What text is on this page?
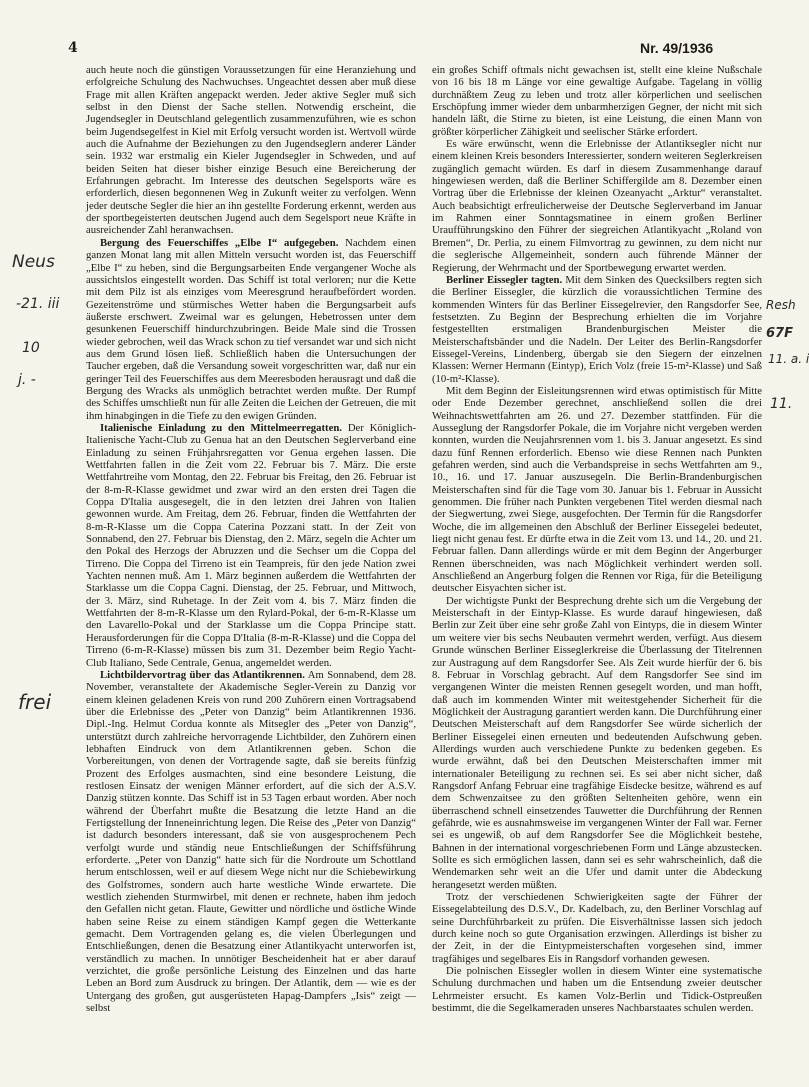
4	Nr. 49/1936

auch heute noch die günstigen Voraussetzungen für eine Heranziehung und erfolgreiche Schulung des Nachwuchses. Ungeachtet dessen aber muß diese Frage mit allen Kräften angepackt werden. Jeder aktive Segler muß sich selbst in den Dienst der Sache stellen. Notwendig erscheint, die Jugendsegler in Deutschland gelegentlich zusammenzuführen, wie es schon beim Jugendsegelfest in Kiel mit Erfolg versucht worden ist. Wertvoll würde auch die Aufnahme der Beziehungen zu den Jugendseglern anderer Länder sein. 1932 war erstmalig ein Kieler Jugendsegler in Schweden, und auf beiden Seiten hat dieser bisher einzige Besuch eine Bereicherung der Erfahrungen gebracht. Im Interesse des deutschen Segelsports wäre es erforderlich, diesen begonnenen Weg in Zukunft weiter zu verfolgen. Wenn jeder deutsche Segler die hier an ihn gestellte Forderung erkennt, werden aus der sportbegeisterten deutschen Jugend auch dem Segelsport neue Kräfte in ausreichender Zahl heranwachsen.

Bergung des Feuerschiffes „Elbe I“ aufgegeben. Nachdem einen ganzen Monat lang mit allen Mitteln versucht worden ist, das Feuerschiff „Elbe I“ zu heben, sind die Bergungsarbeiten Ende vergangener Woche als aussichtslos eingestellt worden. Das Schiff ist total verloren; nur die Kette mit dem Pilz ist als einziges vom Meeresgrund heraufbefördert worden. Gezeitenströme und stürmisches Wetter haben die Bergungsarbeit aufs äußerste erschwert. Zweimal war es gelungen, Hebetrossen unter dem gesunkenen Feuerschiff hindurchzubringen. Beide Male sind die Trossen wieder gebrochen, weil das Wrack schon zu tief versandet war und sich nicht aus dem Grund lösen ließ. Schließlich haben die Untersuchungen der Taucher ergeben, daß die Versandung soweit vorgeschritten war, daß nur ein geringer Teil des Feuerschiffes aus dem Meeresboden herausragt und daß die Bergung des Wracks als unmöglich betrachtet werden mußte. Der Rumpf des Schiffes umschließt nun für alle Zeiten die Leichen der Getreuen, die mit ihm hinabgingen in die Tiefe zu den ewigen Gründen.

Italienische Einladung zu den Mittelmeerregatten. Der Königlich-Italienische Yacht-Club zu Genua hat an den Deutschen Seglerverband eine Einladung zu seinen Frühjahrsregatten vor Genua ergehen lassen. Die Wettfahrten fallen in die Zeit vom 22. Februar bis 7. März. Die erste Wettfahrtreihe vom Montag, den 22. Februar bis Freitag, den 26. Februar ist der 8-m-R-Klasse gewidmet und zwar wird an den ersten drei Tagen die Coppa D'Italia ausgesegelt, die in den letzten drei Jahren von Italien gewonnen wurde. Am Freitag, dem 26. Februar, finden die Wettfahrten der 8-m-R-Klasse um die Coppa Caterina Pozzani statt. In der Zeit von Sonnabend, den 27. Februar bis Dienstag, den 2. März, segeln die Achter um den Pokal des Herzogs der Abruzzen und die Sechser um die Coppa del Tirreno. Die Coppa del Tirreno ist ein Teampreis, für den jede Nation zwei Yachten nennen muß. Am 1. März beginnen außerdem die Wettfahrten der Starklasse um die Coppa Cagni. Dienstag, der 25. Februar, und Mittwoch, der 3. März, sind Ruhetage. In der Zeit vom 4. bis 7. März finden die Wettfahrten der 8-m-R-Klasse um den Rylard-Pokal, der 6-m-R-Klasse um den Lavarello-Pokal und der Starklasse um die Coppa Principe statt. Herausforderungen für die Coppa D'Italia (8-m-R-Klasse) und die Coppa del Tirreno (6-m-R-Klasse) müssen bis zum 31. Dezember beim Regio Yacht-Club Italiano, Sede Centrale, Genua, angemeldet werden.

Lichtbildervortrag über das Atlantikrennen. Am Sonnabend, dem 28. November, veranstaltete der Akademische Segler-Verein zu Danzig vor einem kleinen geladenen Kreis von rund 200 Zuhörern einen Vortragsabend über die Erlebnisse des „Peter von Danzig“ beim Atlantikrennen 1936. Dipl.-Ing. Helmut Cordua konnte als Mitsegler des „Peter von Danzig“, unterstützt durch zahlreiche hervorragende Lichtbilder, den Zuhörern einen lebhaften Eindruck von dem Atlantikrennen geben. Schon die Vorbereitungen, von denen der Vortragende sagte, daß sie bereits fünfzig Prozent des Erfolges ausmachten, sind eine besondere Leistung, die restlosen Einsatz der wenigen Männer erfordert, auf die sich der A.S.V. Danzig stützen konnte. Das Schiff ist in 53 Tagen erbaut worden. Aber noch während der Überfahrt mußte die Besatzung die letzte Hand an die Fertigstellung der Inneneinrichtung legen. Die Reise des „Peter von Danzig“ ist dadurch besonders interessant, daß sie von ausgesprochenem Pech verfolgt wurde und ständig neue Entschließungen der Schiffsführung erforderte. „Peter von Danzig“ hatte sich für die Nordroute um Schottland herum entschlossen, weil er auf diesem Wege nicht nur die Schiebewirkung des Golfstromes, sondern auch harte westliche Winde erwartete. Die westlich ziehenden Sturmwirbel, mit denen er rechnete, haben ihm jedoch den Gefallen nicht getan. Flaute, Gewitter und nördliche und östliche Winde haben seine Reise zu einem ständigen Kampf gegen die Wetterkante gemacht. Dem Vortragenden gelang es, die vielen Überlegungen und Entschließungen, denen die Besatzung einer Atlantikyacht unterworfen ist, verständlich zu machen. In unnötiger Bescheidenheit hat er aber darauf verzichtet, die große persönliche Leistung des Einzelnen und das harte Leben an Bord zum Ausdruck zu bringen. Der Atlantik, dem — wie es der Untergang des großen, gut ausgerüsteten Hapag-Dampfers „Isis“ zeigt — selbst

ein großes Schiff oftmals nicht gewachsen ist, stellt eine kleine Nußschale von 16 bis 18 m Länge vor eine gewaltige Aufgabe. Tagelang in völlig durchnäßtem Zeug zu leben und trotz aller körperlichen und seelischen Erschöpfung immer wieder dem unbarmherzigen Gegner, der nicht mit sich handeln läßt, die Stirne zu bieten, ist eine Leistung, die einen Mann von größter körperlicher Zähigkeit und seelischer Stärke erfordert.

Es wäre erwünscht, wenn die Erlebnisse der Atlantiksegler nicht nur einem kleinen Kreis besonders Interessierter, sondern weiteren Seglerkreisen zugänglich gemacht würden. Es darf in diesem Zusammenhange darauf hingewiesen werden, daß die Berliner Schiffergilde am 8. Dezember einen Vortrag über die Erlebnisse der kleinen Ozeanyacht „Arktur“ veranstaltet. Auch beabsichtigt erfreulicherweise der Deutsche Seglerverband im Januar im Rahmen einer Sonntagsmatinee in einem großen Berliner Uraufführungskino den Führer der siegreichen Atlantikyacht „Roland von Bremen“, Dr. Perlia, zu einem Filmvortrag zu gewinnen, zu dem nicht nur die seglerische Allgemeinheit, sondern auch führende Männer der Regierung, der Wehrmacht und der Sportbewegung erwartet werden.

Berliner Eissegler tagten. Mit dem Sinken des Quecksilbers regten sich die Berliner Eissegler, die kürzlich die voraussichtlichen Termine des kommenden Winters für das Berliner Eissegelrevier, den Rangsdorfer See, festsetzten. Zu Beginn der Besprechung erhielten die im Vorjahre festgestellten erstmaligen Brandenburgischen Meister die Meisterschaftsbänder und die Nadeln. Der Leiter des Berlin-Rangsdorfer Eissegel-Vereins, Lindenberg, übergab sie den Siegern der einzelnen Klassen: Werner Hermann (Eintyp), Erich Volz (freie 15-m²-Klasse) und Saß (10-m²-Klasse).

Mit dem Beginn der Eisleitungsrennen wird etwas optimistisch für Mitte oder Ende Dezember gerechnet, anschließend sollen die drei Weihnachtswettfahrten am 26. und 27. Dezember stattfinden. Für die Ausseglung der Rangsdorfer Pokale, die im Vorjahre nicht vergeben werden konnten, wurden die Neujahrsrennen vom 1. bis 3. Januar angesetzt. Es sind dazu fünf Rennen erforderlich. Ebenso wie diese Rennen nach Punkten gefahren werden, sind auch die Verbandspreise in sechs Wettfahrten am 9., 10., 16. und 17. Januar auszusegeln. Die Berlin-Brandenburgischen Meisterschaften sind für die Tage vom 30. Januar bis 1. Februar in Aussicht genommen. Die früher nach Punkten vergebenen Titel werden diesmal nach der Siegwertung, zwei Siege, ausgefochten. Der Termin für die Rangsdorfer Woche, die im allgemeinen den Abschluß der Berliner Eissegelei bedeutet, liegt nicht genau fest. Er dürfte etwa in die Zeit vom 13. und 14., 20. und 21. Februar fallen. Dann allerdings würde er mit dem Beginn der Angerburger Rennen überschneiden, was nach Möglichkeit verhindert werden soll. Anschließend an Angerburg folgen die Rennen vor Riga, für die Beteiligung deutscher Eisyachten sicher ist.

Der wichtigste Punkt der Besprechung drehte sich um die Vergebung der Meisterschaft in der Eintyp-Klasse. Es wurde darauf hingewiesen, daß Berlin zur Zeit über eine sehr große Zahl von Eintyps, die in diesem Winter um weitere vier bis sechs Neubauten vermehrt werden, verfügt. Aus diesem Grunde wünschen Berliner Eisseglerkreise die Überlassung der Titelrennen zur Austragung auf dem Rangsdorfer See. Als Zeit wurde hierfür der 6. bis 8. Februar in Vorschlag gebracht. Auf dem Rangsdorfer See sind im vergangenen Winter die meisten Rennen gesegelt worden, und man hofft, daß auch im kommenden Winter mit weitestgehender Sicherheit für die Möglichkeit der Austragung garantiert werden kann. Die Durchführung einer Deutschen Meisterschaft auf dem Rangsdorfer See würde sicherlich der Berliner Eissegelei einen erneuten und bedeutenden Aufschwung geben. Allerdings wurden auch verschiedene Punkte zu bedenken gegeben. Es wurde erwähnt, daß bei den Deutschen Meisterschaften immer mit internationaler Beteiligung zu rechnen sei. Es sei aber nicht sicher, daß Rangsdorf Anfang Februar eine tragfähige Eisdecke besitze, während es auf dem Schwenzaitsee zu den größten Seltenheiten gehöre, wenn ein überraschend schnell einsetzendes Tauwetter die Durchführung der Rennen gefährde, wie es ausnahmsweise im vergangenen Winter der Fall war. Ferner sei es ungewiß, ob auf dem Rangsdorfer See die Möglichkeit bestehe, Bahnen in der international vorgeschriebenen Form und Länge abzustecken. Sollte es sich ermöglichen lassen, dann sei es sehr wahrscheinlich, daß die Wendemarken sehr weit an die Ufer und damit unter die Abdeckung herangesetzt werden müßten.

Trotz der verschiedenen Schwierigkeiten sagte der Führer der Eissegelabteilung des D.S.V., Dr. Kadelbach, zu, den Berliner Vorschlag auf seine Durchführbarkeit zu prüfen. Die Eisverhältnisse lassen sich jedoch durch keine noch so gute Organisation erzwingen. Allerdings ist bisher zu der Zeit, in der die Eintypmeisterschaften vorgesehen sind, immer tragfähiges und segelbares Eis in Rangsdorf vorhanden gewesen.

Die polnischen Eissegler wollen in diesem Winter eine systematische Schulung durchmachen und haben um die Entsendung zweier deutscher Lehrmeister ersucht. Es kamen Volz-Berlin und Tidick-Ostpreußen bestimmt, die die Segelkameraden unseres Nachbarstaates schulen werden.

Neus
-21. iii
10
j. -
frei
Resh
67F
11. a. i
11.
